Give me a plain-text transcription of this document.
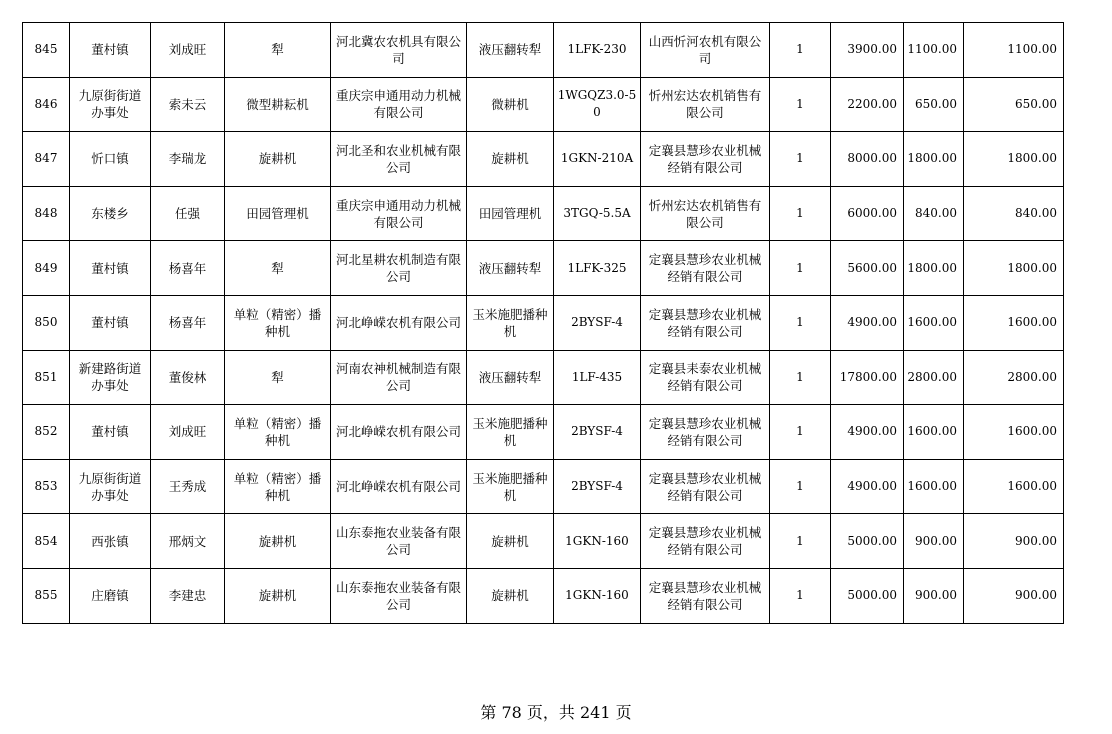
845	董村镇	刘成旺	犁	河北冀农农机具有限公司	液压翻转犁	1LFK-230	山西忻河农机有限公司	1	3900.00	1100.00	1100.00
846	九原街街道办事处	索未云	微型耕耘机	重庆宗申通用动力机械有限公司	微耕机	1WGQZ3.0-50	忻州宏达农机销售有限公司	1	2200.00	650.00	650.00
847	忻口镇	李瑞龙	旋耕机	河北圣和农业机械有限公司	旋耕机	1GKN-210A	定襄县慧珍农业机械经销有限公司	1	8000.00	1800.00	1800.00
848	东楼乡	任强	田园管理机	重庆宗申通用动力机械有限公司	田园管理机	3TGQ-5.5A	忻州宏达农机销售有限公司	1	6000.00	840.00	840.00
849	董村镇	杨喜年	犁	河北星耕农机制造有限公司	液压翻转犁	1LFK-325	定襄县慧珍农业机械经销有限公司	1	5600.00	1800.00	1800.00
850	董村镇	杨喜年	单粒（精密）播种机	河北峥嵘农机有限公司	玉米施肥播种机	2BYSF-4	定襄县慧珍农业机械经销有限公司	1	4900.00	1600.00	1600.00
851	新建路街道办事处	董俊林	犁	河南农神机械制造有限公司	液压翻转犁	1LF-435	定襄县耒泰农业机械经销有限公司	1	17800.00	2800.00	2800.00
852	董村镇	刘成旺	单粒（精密）播种机	河北峥嵘农机有限公司	玉米施肥播种机	2BYSF-4	定襄县慧珍农业机械经销有限公司	1	4900.00	1600.00	1600.00
853	九原街街道办事处	王秀成	单粒（精密）播种机	河北峥嵘农机有限公司	玉米施肥播种机	2BYSF-4	定襄县慧珍农业机械经销有限公司	1	4900.00	1600.00	1600.00
854	西张镇	邢炳文	旋耕机	山东泰拖农业装备有限公司	旋耕机	1GKN-160	定襄县慧珍农业机械经销有限公司	1	5000.00	900.00	900.00
855	庄磨镇	李建忠	旋耕机	山东泰拖农业装备有限公司	旋耕机	1GKN-160	定襄县慧珍农业机械经销有限公司	1	5000.00	900.00	900.00
第 78 页，共 241 页
